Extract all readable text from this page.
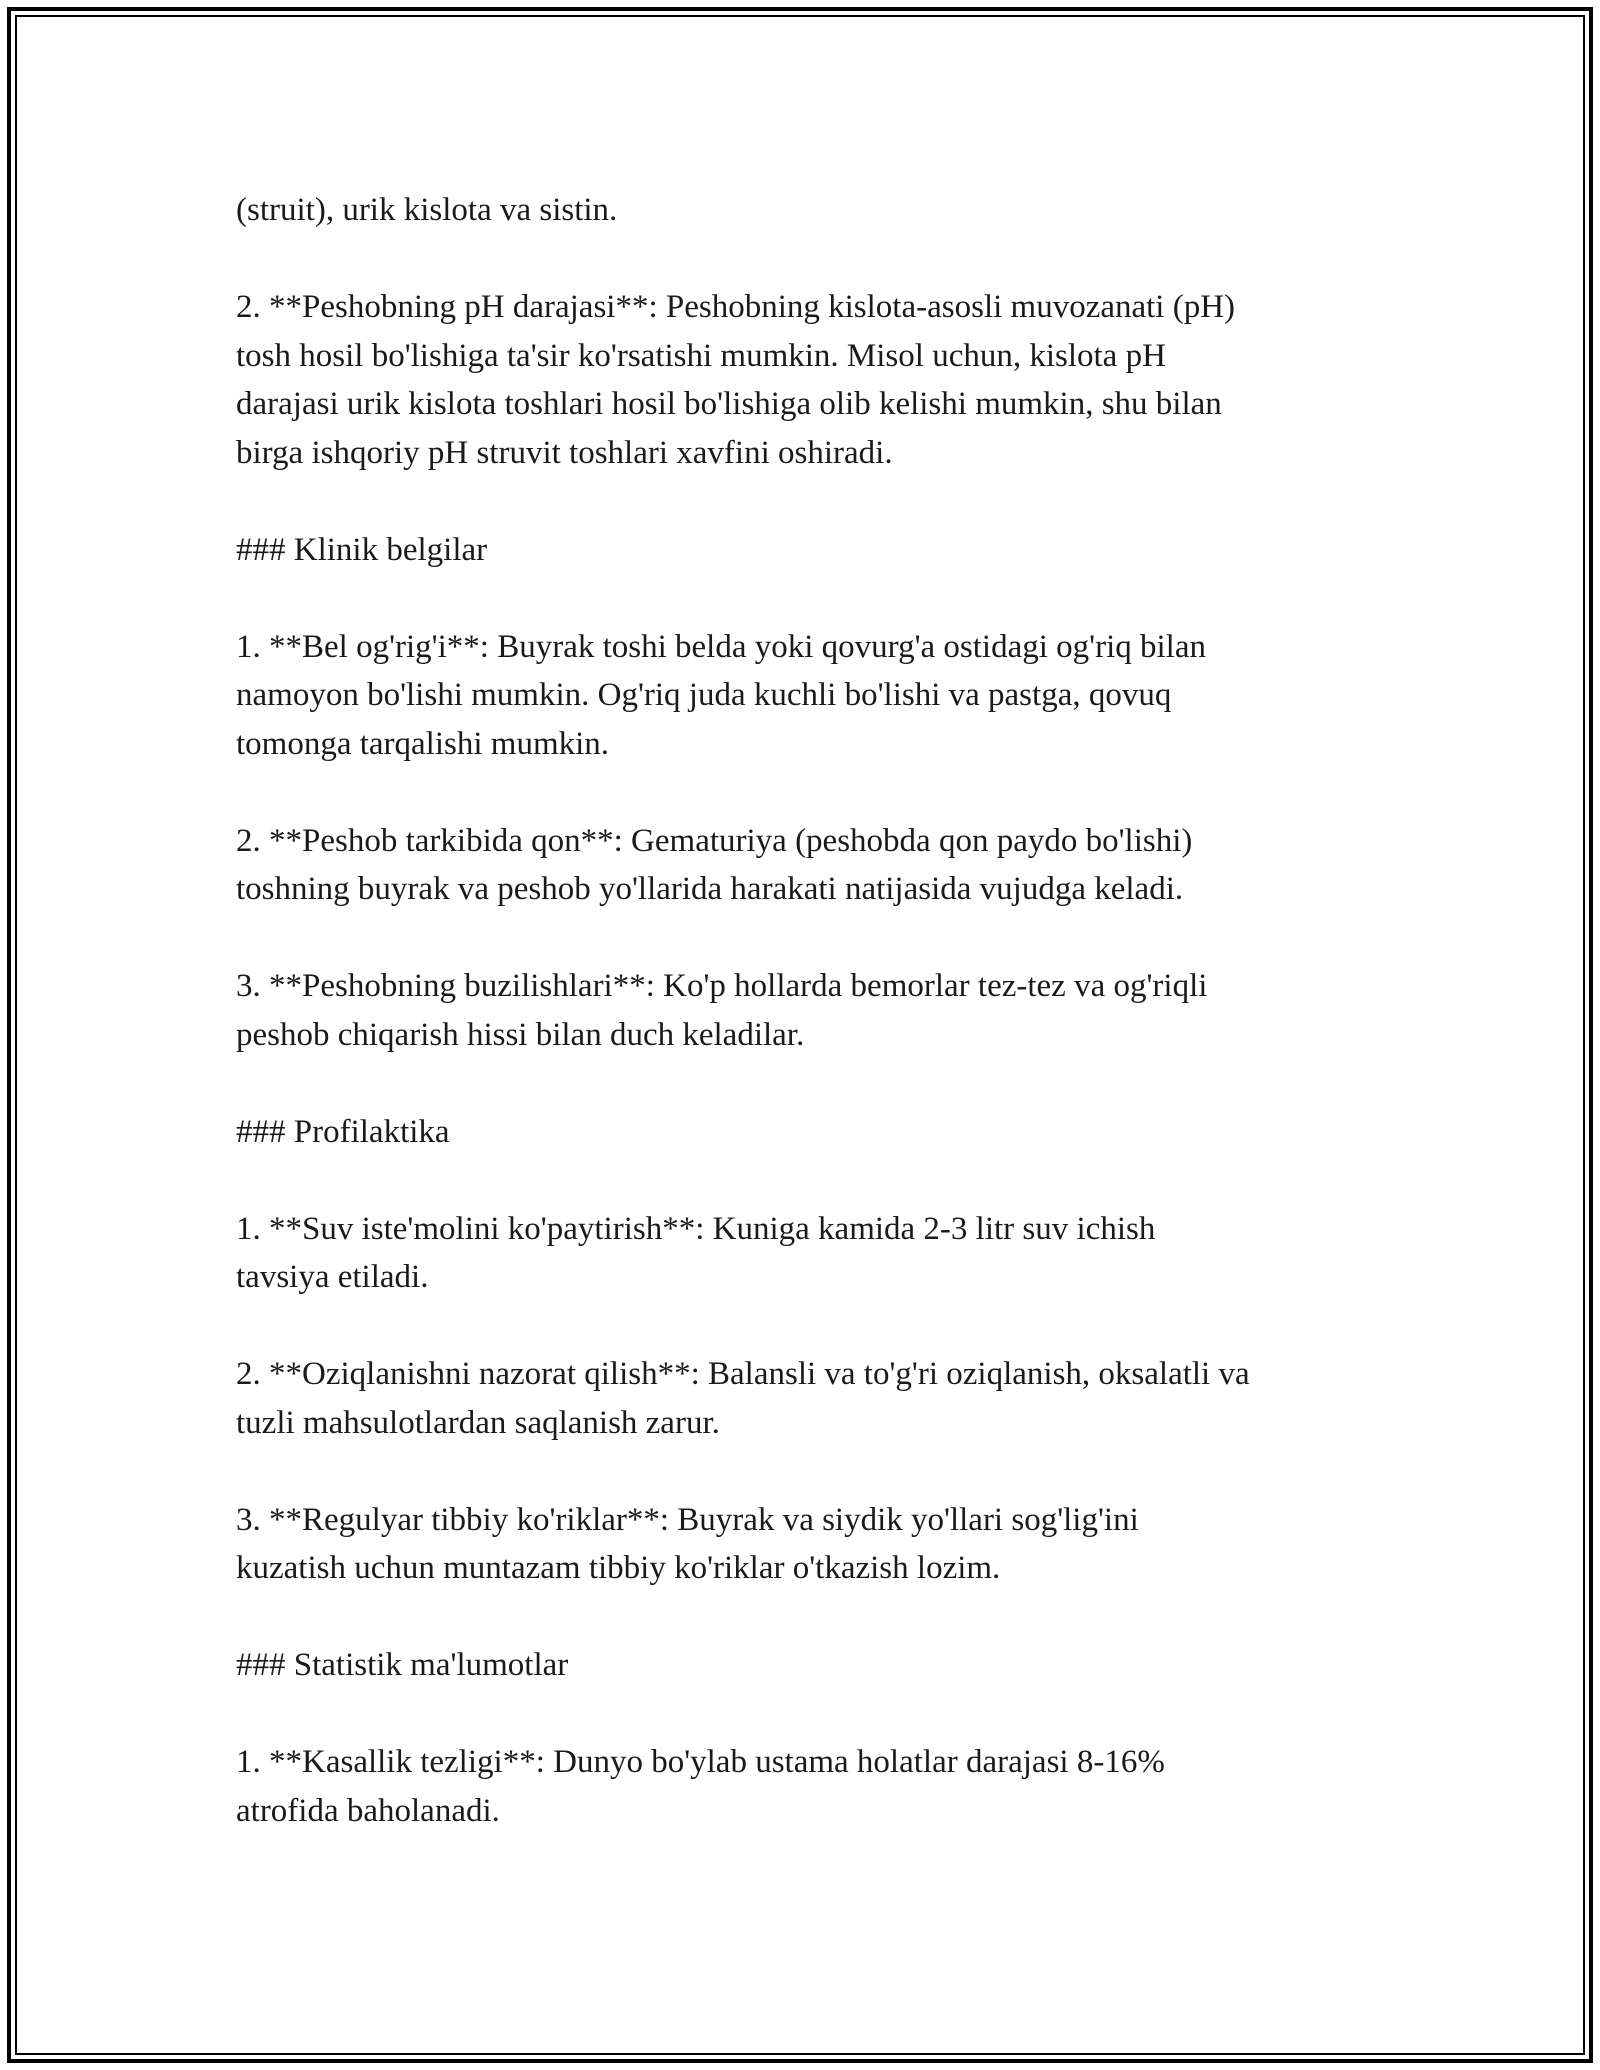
(struit), urik kislota va sistin.
2. **Peshobning pH darajasi**: Peshobning kislota-asosli muvozanati (pH)
tosh hosil bo'lishiga ta'sir ko'rsatishi mumkin. Misol uchun, kislota pH
darajasi urik kislota toshlari hosil bo'lishiga olib kelishi mumkin, shu bilan
birga ishqoriy pH struvit toshlari xavfini oshiradi.
### Klinik belgilar
1. **Bel og'rig'i**: Buyrak toshi belda yoki qovurg'a ostidagi og'riq bilan
namoyon bo'lishi mumkin. Og'riq juda kuchli bo'lishi va pastga, qovuq
tomonga tarqalishi mumkin.
2. **Peshob tarkibida qon**: Gematuriya (peshobda qon paydo bo'lishi)
toshning buyrak va peshob yo'llarida harakati natijasida vujudga keladi.
3. **Peshobning buzilishlari**: Ko'p hollarda bemorlar tez-tez va og'riqli
peshob chiqarish hissi bilan duch keladilar.
### Profilaktika
1. **Suv iste'molini ko'paytirish**: Kuniga kamida 2-3 litr suv ichish
tavsiya etiladi.
2. **Oziqlanishni nazorat qilish**: Balansli va to'g'ri oziqlanish, oksalatli va
tuzli mahsulotlardan saqlanish zarur.
3. **Regulyar tibbiy ko'riklar**: Buyrak va siydik yo'llari sog'lig'ini
kuzatish uchun muntazam tibbiy ko'riklar o'tkazish lozim.
### Statistik ma'lumotlar
1. **Kasallik tezligi**: Dunyo bo'ylab ustama holatlar darajasi 8-16%
atrofida baholanadi.
